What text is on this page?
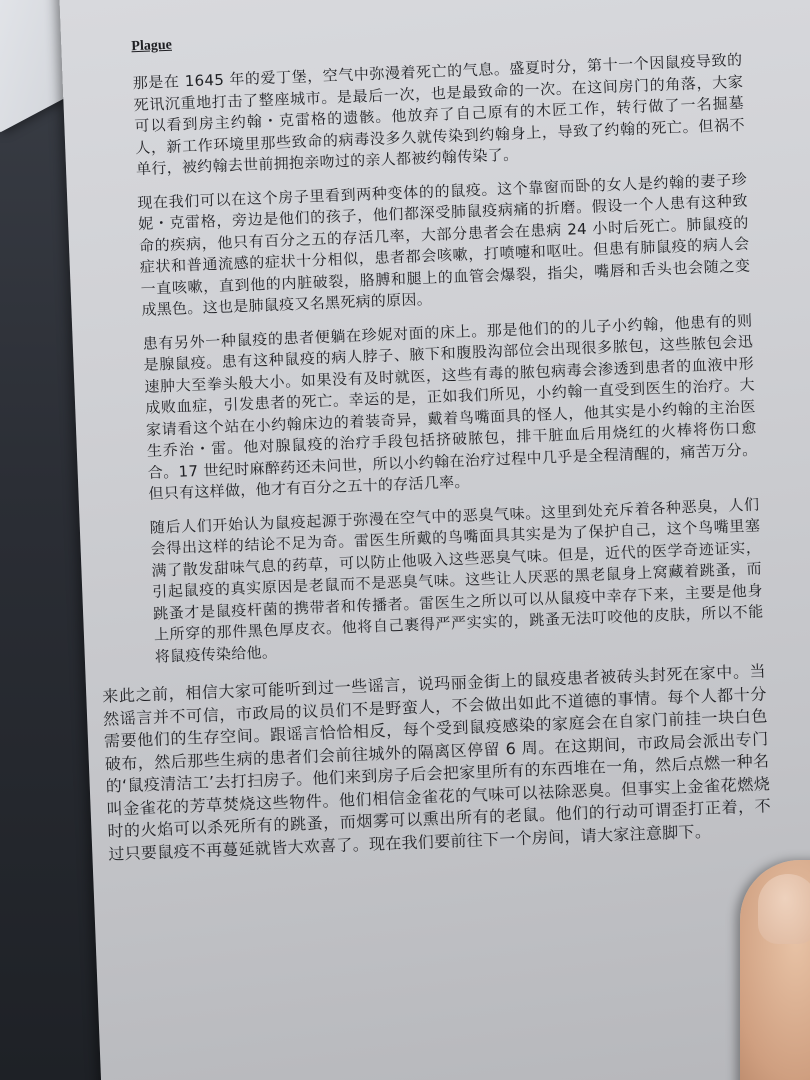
Plague

那是在 1645 年的爱丁堡，空气中弥漫着死亡的气息。盛夏时分，第十一个因鼠疫导致的死讯沉重地打击了整座城市。是最后一次，也是最致命的一次。在这间房门的角落，大家可以看到房主约翰・克雷格的遗骸。他放弃了自己原有的木匠工作，转行做了一名掘墓人，新工作环境里那些致命的病毒没多久就传染到约翰身上，导致了约翰的死亡。但祸不单行，被约翰去世前拥抱亲吻过的亲人都被约翰传染了。

现在我们可以在这个房子里看到两种变体的的鼠疫。这个靠窗而卧的女人是约翰的妻子珍妮・克雷格，旁边是他们的孩子，他们都深受肺鼠疫病痛的折磨。假设一个人患有这种致命的疾病，他只有百分之五的存活几率，大部分患者会在患病 24 小时后死亡。肺鼠疫的症状和普通流感的症状十分相似，患者都会咳嗽，打喷嚏和呕吐。但患有肺鼠疫的病人会一直咳嗽，直到他的内脏破裂，胳膊和腿上的血管会爆裂，指尖，嘴唇和舌头也会随之变成黑色。这也是肺鼠疫又名黑死病的原因。

患有另外一种鼠疫的患者便躺在珍妮对面的床上。那是他们的的儿子小约翰，他患有的则是腺鼠疫。患有这种鼠疫的病人脖子、腋下和腹股沟部位会出现很多脓包，这些脓包会迅速肿大至拳头般大小。如果没有及时就医，这些有毒的脓包病毒会渗透到患者的血液中形成败血症，引发患者的死亡。幸运的是，正如我们所见，小约翰一直受到医生的治疗。大家请看这个站在小约翰床边的着装奇异，戴着鸟嘴面具的怪人，他其实是小约翰的主治医生乔治・雷。他对腺鼠疫的治疗手段包括挤破脓包，排干脏血后用烧红的火棒将伤口愈合。17 世纪时麻醉药还未问世，所以小约翰在治疗过程中几乎是全程清醒的，痛苦万分。但只有这样做，他才有百分之五十的存活几率。

随后人们开始认为鼠疫起源于弥漫在空气中的恶臭气味。这里到处充斥着各种恶臭，人们会得出这样的结论不足为奇。雷医生所戴的鸟嘴面具其实是为了保护自己，这个鸟嘴里塞满了散发甜味气息的药草，可以防止他吸入这些恶臭气味。但是，近代的医学奇迹证实，引起鼠疫的真实原因是老鼠而不是恶臭气味。这些让人厌恶的黑老鼠身上窝藏着跳蚤，而跳蚤才是鼠疫杆菌的携带者和传播者。雷医生之所以可以从鼠疫中幸存下来，主要是他身上所穿的那件黑色厚皮衣。他将自己裹得严严实实的，跳蚤无法叮咬他的皮肤，所以不能将鼠疫传染给他。

来此之前，相信大家可能听到过一些谣言，说玛丽金街上的鼠疫患者被砖头封死在家中。当然谣言并不可信，市政局的议员们不是野蛮人，不会做出如此不道德的事情。每个人都十分需要他们的生存空间。跟谣言恰恰相反，每个受到鼠疫感染的家庭会在自家门前挂一块白色破布，然后那些生病的患者们会前往城外的隔离区停留 6 周。在这期间，市政局会派出专门的‘鼠疫清洁工’去打扫房子。他们来到房子后会把家里所有的东西堆在一角，然后点燃一种名叫金雀花的芳草焚烧这些物件。他们相信金雀花的气味可以祛除恶臭。但事实上金雀花燃烧时的火焰可以杀死所有的跳蚤，而烟雾可以熏出所有的老鼠。他们的行动可谓歪打正着，不过只要鼠疫不再蔓延就皆大欢喜了。现在我们要前往下一个房间，请大家注意脚下。
